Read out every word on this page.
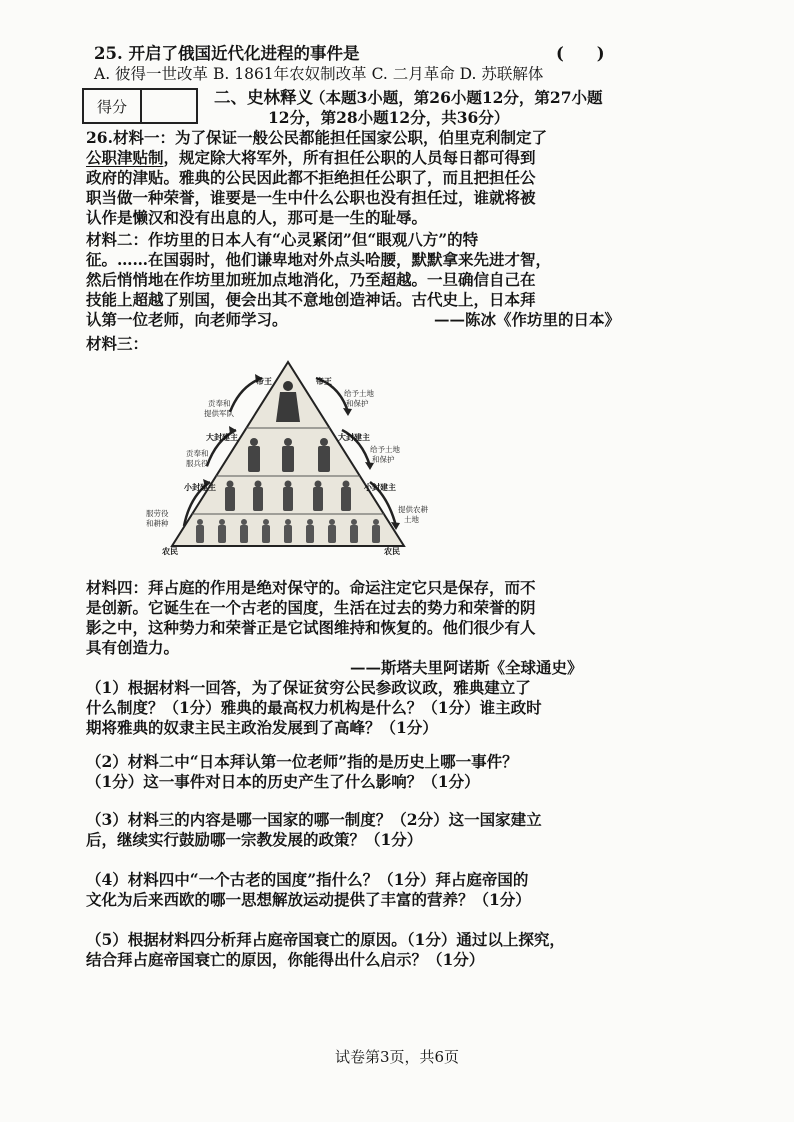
25. 开启了俄国近代化进程的事件是	(　　)
A. 彼得一世改革 B. 1861年农奴制改革 C. 二月革命 D. 苏联解体
得分	二、史林释义
（本题3小题，第26小题12分，第27小题
12分，第28小题12分，共36分）
26.材料一：为了保证一般公民都能担任国家公职，伯里克利制定了
公职津贴制，规定除大将军外，所有担任公职的人员每日都可得到
政府的津贴。雅典的公民因此都不拒绝担任公职了，而且把担任公
职当做一种荣誉，谁要是一生中什么公职也没有担任过，谁就将被
认作是懒汉和没有出息的人，那可是一生的耻辱。
材料二：作坊里的日本人有“心灵紧闭”但“眼观八方”的特
征。……在国弱时，他们谦卑地对外点头哈腰，默默拿来先进才智，
然后悄悄地在作坊里加班加点地消化，乃至超越。一旦确信自己在
技能上超越了别国，便会出其不意地创造神话。古代史上，日本拜
认第一位老师，向老师学习。	——陈冰《作坊里的日本》
材料三：
帝王	帝王
大封建主	大封建主
小封建主	小封建主
农民	农民
贡奉和
提供军队
贡奉和
服兵役
服劳役
和耕种
给予土地
和保护
给予土地
和保护
提供农耕
土地
材料四：拜占庭的作用是绝对保守的。命运注定它只是保存，而不
是创新。它诞生在一个古老的国度，生活在过去的势力和荣誉的阴
影之中，这种势力和荣誉正是它试图维持和恢复的。他们很少有人
具有创造力。
——斯塔夫里阿诺斯《全球通史》
（1）根据材料一回答，为了保证贫穷公民参政议政，雅典建立了
什么制度？（1分）雅典的最高权力机构是什么？（1分）谁主政时
期将雅典的奴隶主民主政治发展到了高峰？（1分）
（2）材料二中“日本拜认第一位老师”指的是历史上哪一事件？
（1分）这一事件对日本的历史产生了什么影响？（1分）
（3）材料三的内容是哪一国家的哪一制度？（2分）这一国家建立
后，继续实行鼓励哪一宗教发展的政策？（1分）
（4）材料四中“一个古老的国度”指什么？（1分）拜占庭帝国的
文化为后来西欧的哪一思想解放运动提供了丰富的营养？（1分）
（5）根据材料四分析拜占庭帝国衰亡的原因。（1分）通过以上探究，
结合拜占庭帝国衰亡的原因，你能得出什么启示？（1分）
试卷第3页，共6页
